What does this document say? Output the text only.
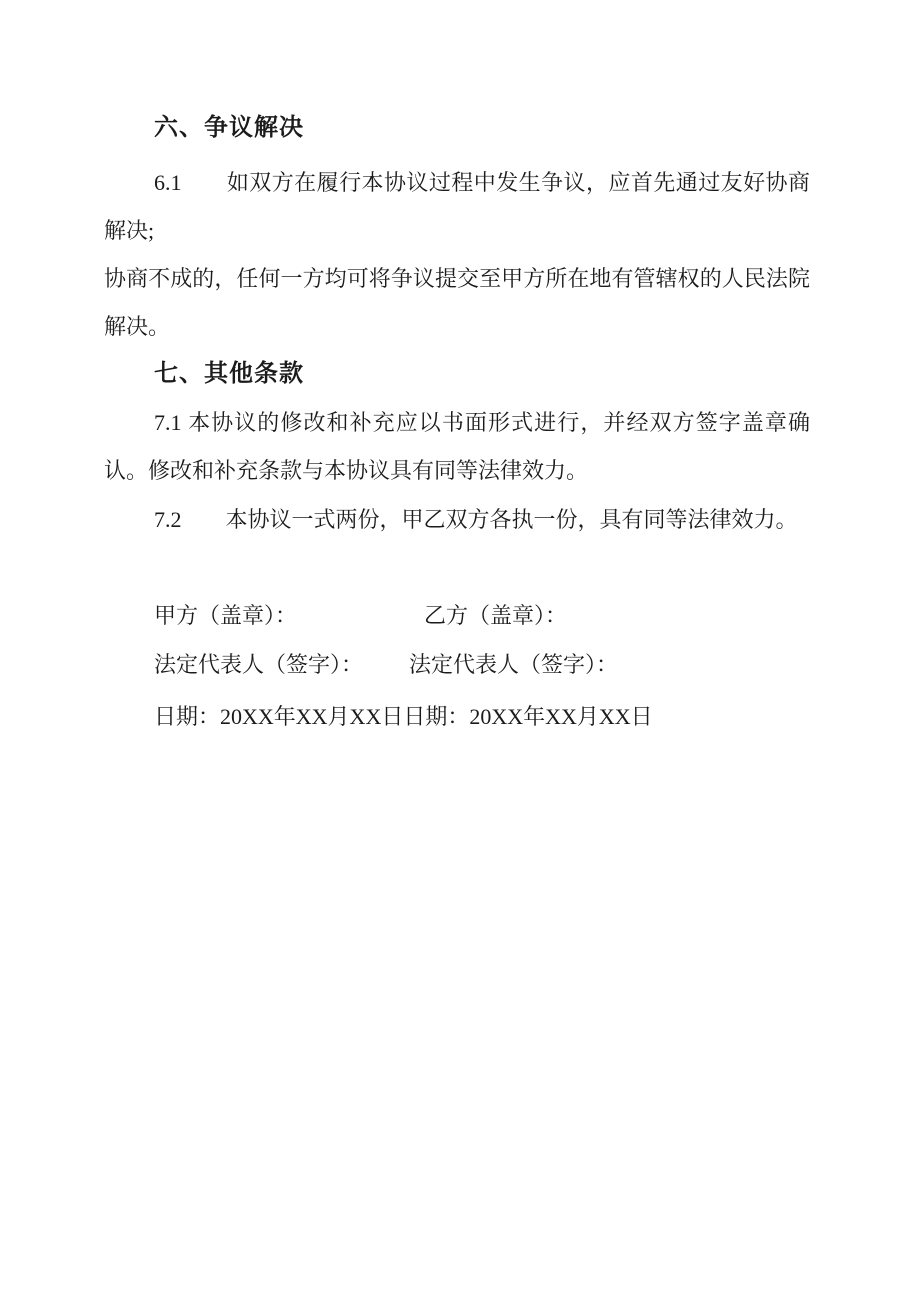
六、争议解决
6.1　　如双方在履行本协议过程中发生争议，应首先通过友好协商
解决;
协商不成的，任何一方均可将争议提交至甲方所在地有管辖权的人民法院
解决。
七、其他条款
7.1 本协议的修改和补充应以书面形式进行，并经双方签字盖章确
认。修改和补充条款与本协议具有同等法律效力。
7.2　　本协议一式两份，甲乙双方各执一份，具有同等法律效力。
甲方（盖章）：	乙方（盖章）：
法定代表人（签字）： 法定代表人（签字）：
日期：20XX年XX月XX日日期：20XX年XX月XX日
